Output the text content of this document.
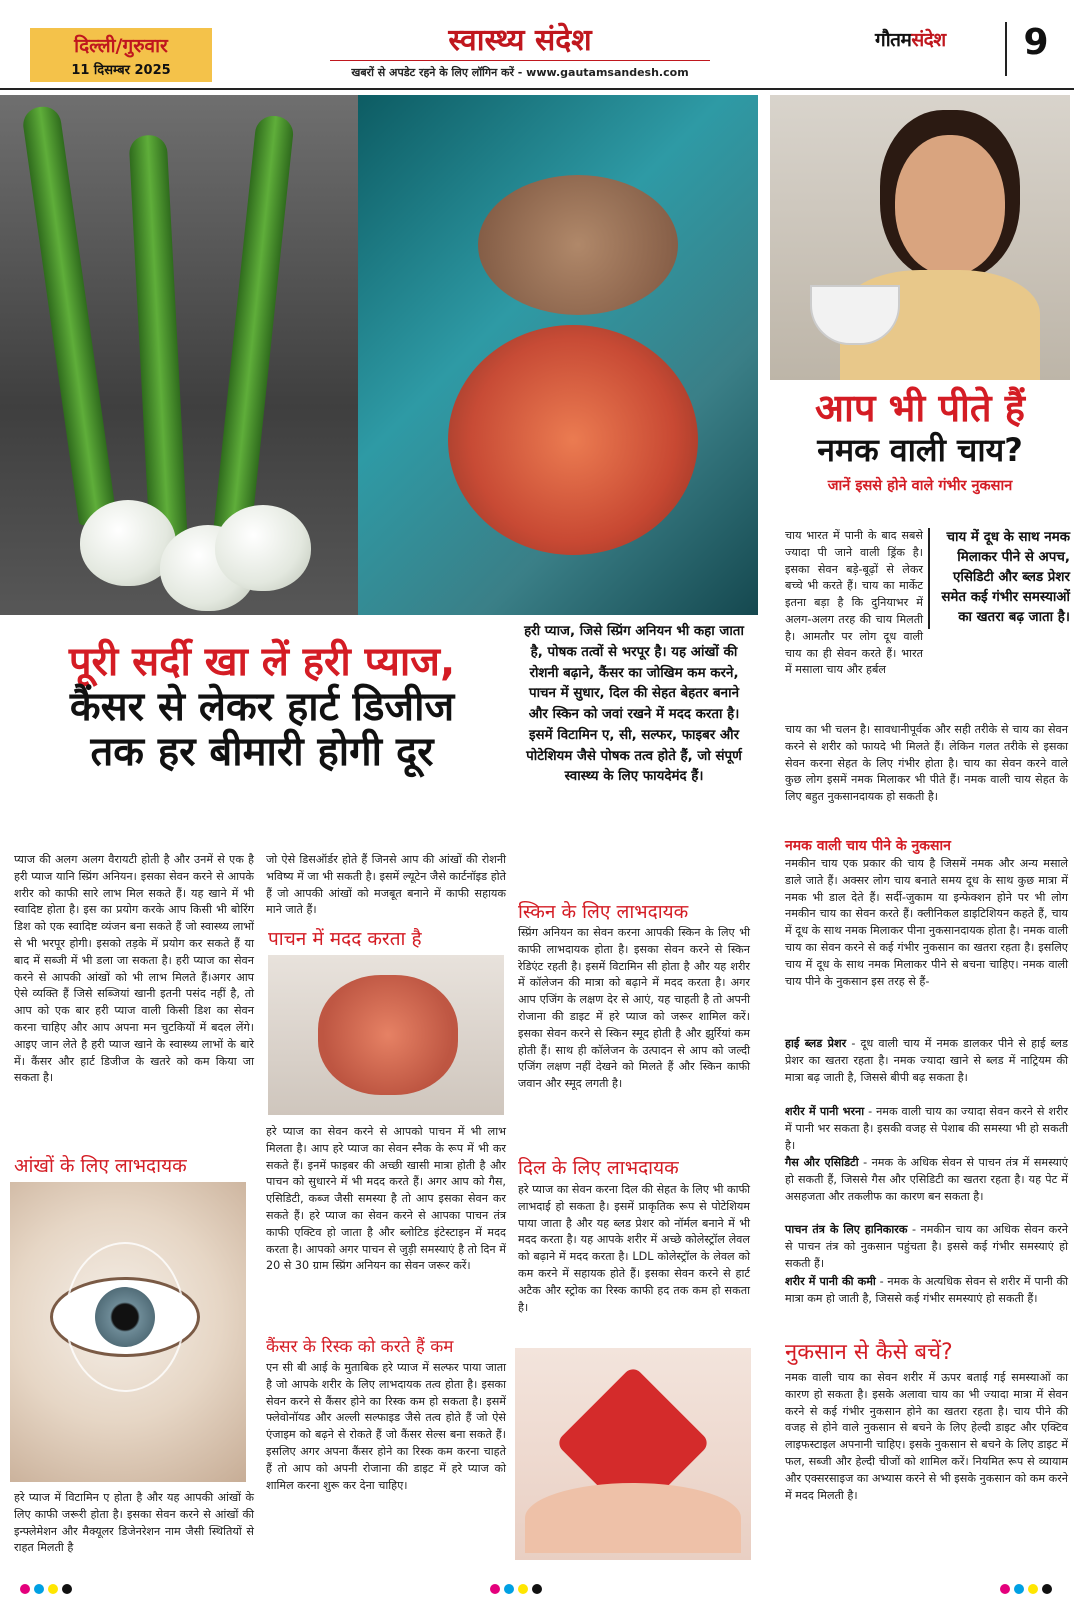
दिल्ली/गुरुवार
11 दिसम्बर 2025
स्वास्थ्य संदेश
खबरों से अपडेट रहने के लिए लॉगिन करें - www.gautamsandesh.com
गौतमसंदेश	9
पूरी सर्दी खा लें हरी प्याज,
कैंसर से लेकर हार्ट डिजीज
तक हर बीमारी होगी दूर
हरी प्याज, जिसे स्प्रिंग अनियन भी कहा जाता है, पोषक तत्वों से भरपूर है। यह आंखों की रोशनी बढ़ाने, कैंसर का जोखिम कम करने, पाचन में सुधार, दिल की सेहत बेहतर बनाने और स्किन को जवां रखने में मदद करता है। इसमें विटामिन ए, सी, सल्फर, फाइबर और पोटेशियम जैसे पोषक तत्व होते हैं, जो संपूर्ण स्वास्थ्य के लिए फायदेमंद हैं।
प्याज की अलग अलग वैरायटी होती है और उनमें से एक है हरी प्याज यानि स्प्रिंग अनियन। इसका सेवन करने से आपके शरीर को काफी सारे लाभ मिल सकते हैं। यह खाने में भी स्वादिष्ट होता है। इस का प्रयोग करके आप किसी भी बोरिंग डिश को एक स्वादिष्ट व्यंजन बना सकते हैं जो स्वास्थ्य लाभों से भी भरपूर होगी। इसको तड़के में प्रयोग कर सकते हैं या बाद में सब्जी में भी डला जा सकता है। हरी प्याज का सेवन करने से आपकी आंखों को भी लाभ मिलते हैं।अगर आप ऐसे व्यक्ति हैं जिसे सब्जियां खानी इतनी पसंद नहीं है, तो आप को एक बार हरी प्याज वाली किसी डिश का सेवन करना चाहिए और आप अपना मन चुटकियों में बदल लेंगे। आइए जान लेते है हरी प्याज खाने के स्वास्थ्य लाभों के बारे में। कैंसर और हार्ट डिजीज के खतरे को कम किया जा सकता है।
आंखों के लिए लाभदायक
हरे प्याज में विटामिन ए होता है और यह आपकी आंखों के लिए काफी जरूरी होता है। इसका सेवन करने से आंखों की इन्फ्लेमेशन और मैक्यूलर डिजेनरेशन नाम जैसी स्थितियों से राहत मिलती है
जो ऐसे डिसऑर्डर होते हैं जिनसे आप की आंखों की रोशनी भविष्य में जा भी सकती है। इसमें ल्यूटेन जैसे कार्टनॉइड होते हैं जो आपकी आंखों को मजबूत बनाने में काफी सहायक माने जाते हैं।
पाचन में मदद करता है
हरे प्याज का सेवन करने से आपको पाचन में भी लाभ मिलता है। आप हरे प्याज का सेवन स्नैक के रूप में भी कर सकते हैं। इनमें फाइबर की अच्छी खासी मात्रा होती है और पाचन को सुधारने में भी मदद करते हैं। अगर आप को गैस, एसिडिटी, कब्ज जैसी समस्या है तो आप इसका सेवन कर सकते हैं। हरे प्याज का सेवन करने से आपका पाचन तंत्र काफी एक्टिव हो जाता है और ब्लोटिड इंटेस्टाइन में मदद करता है। आपको अगर पाचन से जुड़ी समस्याएं है तो दिन में 20 से 30 ग्राम स्प्रिंग अनियन का सेवन जरूर करें।
कैंसर के रिस्क को करते हैं कम
एन सी बी आई के मुताबिक हरे प्याज में सल्फर पाया जाता है जो आपके शरीर के लिए लाभदायक तत्व होता है। इसका सेवन करने से कैंसर होने का रिस्क कम हो सकता है। इसमें फ्लेवोनॉयड और अल्ली सल्फाइड जैसे तत्व होते हैं जो ऐसे एंजाइम को बढ़ने से रोकते हैं जो कैंसर सेल्स बना सकते हैं। इसलिए अगर अपना कैंसर होने का रिस्क कम करना चाहते हैं तो आप को अपनी रोजाना की डाइट में हरे प्याज को शामिल करना शुरू कर देना चाहिए।
स्किन के लिए लाभदायक
स्प्रिंग अनियन का सेवन करना आपकी स्किन के लिए भी काफी लाभदायक होता है। इसका सेवन करने से स्किन रेडिएंट रहती है। इसमें विटामिन सी होता है और यह शरीर में कॉलेजन की मात्रा को बढ़ाने में मदद करता है। अगर आप एजिंग के लक्षण देर से आएं, यह चाहती है तो अपनी रोजाना की डाइट में हरे प्याज को जरूर शामिल करें। इसका सेवन करने से स्किन स्मूद होती है और झुर्रियां कम होती हैं। साथ ही कॉलेजन के उत्पादन से आप को जल्दी एजिंग लक्षण नहीं देखने को मिलते हैं और स्किन काफी जवान और स्मूद लगती है।
दिल के लिए लाभदायक
हरे प्याज का सेवन करना दिल की सेहत के लिए भी काफी लाभदाई हो सकता है। इसमें प्राकृतिक रूप से पोटेशियम पाया जाता है और यह ब्लड प्रेशर को नॉर्मल बनाने में भी मदद करता है। यह आपके शरीर में अच्छे कोलेस्ट्रॉल लेवल को बढ़ाने में मदद करता है। LDL कोलेस्ट्रॉल के लेवल को कम करने में सहायक होते हैं। इसका सेवन करने से हार्ट अटैक और स्ट्रोक का रिस्क काफी हद तक कम हो सकता है।
आप भी पीते हैं
नमक वाली चाय?
जानें इससे होने वाले गंभीर नुकसान
चाय भारत में पानी के बाद सबसे ज्यादा पी जाने वाली ड्रिंक है। इसका सेवन बड़े-बूढ़ों से लेकर बच्चे भी करते हैं। चाय का मार्केट इतना बड़ा है कि दुनियाभर में अलग-अलग तरह की चाय मिलती है। आमतौर पर लोग दूध वाली चाय का ही सेवन करते हैं। भारत में मसाला चाय और हर्बल
चाय में दूध के साथ नमक मिलाकर पीने से अपच, एसिडिटी और ब्लड प्रेशर समेत कई गंभीर समस्याओं का खतरा बढ़ जाता है।
चाय का भी चलन है। सावधानीपूर्वक और सही तरीके से चाय का सेवन करने से शरीर को फायदे भी मिलते हैं। लेकिन गलत तरीके से इसका सेवन करना सेहत के लिए गंभीर होता है। चाय का सेवन करने वाले कुछ लोग इसमें नमक मिलाकर भी पीते हैं। नमक वाली चाय सेहत के लिए बहुत नुकसानदायक हो सकती है।
नमक वाली चाय पीने के नुकसान
नमकीन चाय एक प्रकार की चाय है जिसमें नमक और अन्य मसाले डाले जाते हैं। अक्सर लोग चाय बनाते समय दूध के साथ कुछ मात्रा में नमक भी डाल देते हैं। सर्दी-जुकाम या इन्फेक्शन होने पर भी लोग नमकीन चाय का सेवन करते हैं। क्लीनिकल डाइटिशियन कहते हैं, चाय में दूध के साथ नमक मिलाकर पीना नुकसानदायक होता है। नमक वाली चाय का सेवन करने से कई गंभीर नुकसान का खतरा रहता है। इसलिए चाय में दूध के साथ नमक मिलाकर पीने से बचना चाहिए। नमक वाली चाय पीने के नुकसान इस तरह से हैं-
हाई ब्लड प्रेशर - दूध वाली चाय में नमक डालकर पीने से हाई ब्लड प्रेशर का खतरा रहता है। नमक ज्यादा खाने से ब्लड में नाट्रियम की मात्रा बढ़ जाती है, जिससे बीपी बढ़ सकता है।
शरीर में पानी भरना - नमक वाली चाय का ज्यादा सेवन करने से शरीर में पानी भर सकता है। इसकी वजह से पेशाब की समस्या भी हो सकती है।
गैस और एसिडिटी - नमक के अधिक सेवन से पाचन तंत्र में समस्याएं हो सकती हैं, जिससे गैस और एसिडिटी का खतरा रहता है। यह पेट में असहजता और तकलीफ का कारण बन सकता है।
पाचन तंत्र के लिए हानिकारक - नमकीन चाय का अधिक सेवन करने से पाचन तंत्र को नुकसान पहुंचता है। इससे कई गंभीर समस्याएं हो सकती हैं।
शरीर में पानी की कमी - नमक के अत्यधिक सेवन से शरीर में पानी की मात्रा कम हो जाती है, जिससे कई गंभीर समस्याएं हो सकती हैं।
नुकसान से कैसे बचें?
नमक वाली चाय का सेवन शरीर में ऊपर बताई गई समस्याओं का कारण हो सकता है। इसके अलावा चाय का भी ज्यादा मात्रा में सेवन करने से कई गंभीर नुकसान होने का खतरा रहता है। चाय पीने की वजह से होने वाले नुकसान से बचने के लिए हेल्दी डाइट और एक्टिव लाइफस्टाइल अपनानी चाहिए। इसके नुकसान से बचने के लिए डाइट में फल, सब्जी और हेल्दी चीजों को शामिल करें। नियमित रूप से व्यायाम और एक्सरसाइज का अभ्यास करने से भी इसके नुकसान को कम करने में मदद मिलती है।
